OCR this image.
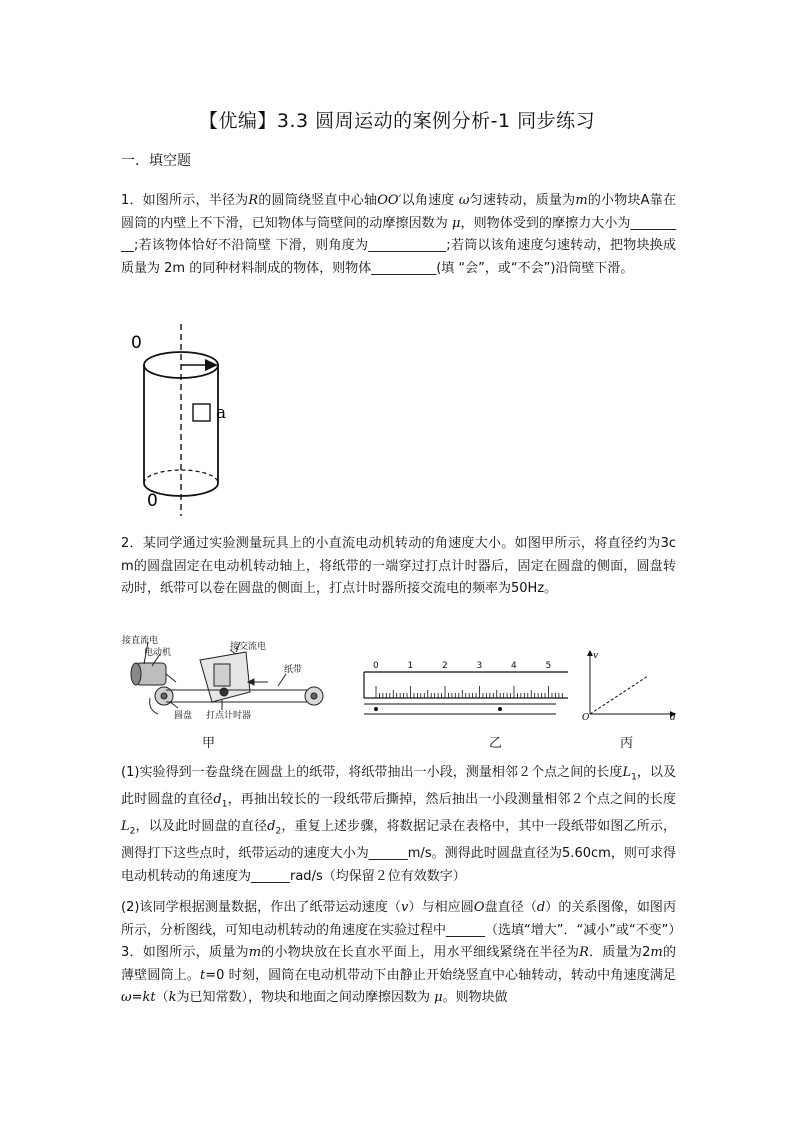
【优编】3.3 圆周运动的案例分析-1 同步练习
一．填空题
1．如图所示，半径为R的圆筒绕竖直中心轴OO′以角速度 ω匀速转动，质量为m的小物块A靠在圆筒的内壁上不下滑，已知物体与筒壁间的动摩擦因数为 μ，则物体受到的摩擦力大小为_________;若该物体恰好不沿筒壁 下滑，则角度为____________;若筒以该角速度匀速转动，把物块换成质量为 2m 的同种材料制成的物体，则物体__________(填 “会”，或“不会”)沿筒壁下滑。
0
0
a
2．某同学通过实验测量玩具上的小直流电动机转动的角速度大小。如图甲所示，将直径约为3cm的圆盘固定在电动机转动轴上，将纸带的一端穿过打点计时器后，固定在圆盘的侧面，圆盘转动时，纸带可以卷在圆盘的侧面上，打点计时器所接交流电的频率为50Hz。
接直流电
电动机
接交流电
纸带
圆盘 打点计时器
甲
0	1	2	3	4	5
乙
v
O	d
丙
(1)实验得到一卷盘绕在圆盘上的纸带，将纸带抽出一小段，测量相邻２个点之间的长度$L_1$，以及此时圆盘的直径$d_1$，再抽出较长的一段纸带后撕掉，然后抽出一小段测量相邻２个点之间的长度$L_2$，以及此时圆盘的直径$d_2$，重复上述步骤，将数据记录在表格中，其中一段纸带如图乙所示，测得打下这些点时，纸带运动的速度大小为______m/s。测得此时圆盘直径为5.60cm，则可求得电动机转动的角速度为______rad/s（均保留２位有效数字）
(2)该同学根据测量数据，作出了纸带运动速度（v）与相应圆O盘直径（d）的关系图像，如图丙所示，分析图线，可知电动机转动的角速度在实验过程中______（选填“增大”．“减小”或“不变”）
3．如图所示，质量为m的小物块放在长直水平面上，用水平细线紧绕在半径为R．质量为2m的薄壁圆筒上。t=0 时刻，圆筒在电动机带动下由静止开始绕竖直中心轴转动，转动中角速度满足 ω=kt（k为已知常数），物块和地面之间动摩擦因数为 μ。则物块做
